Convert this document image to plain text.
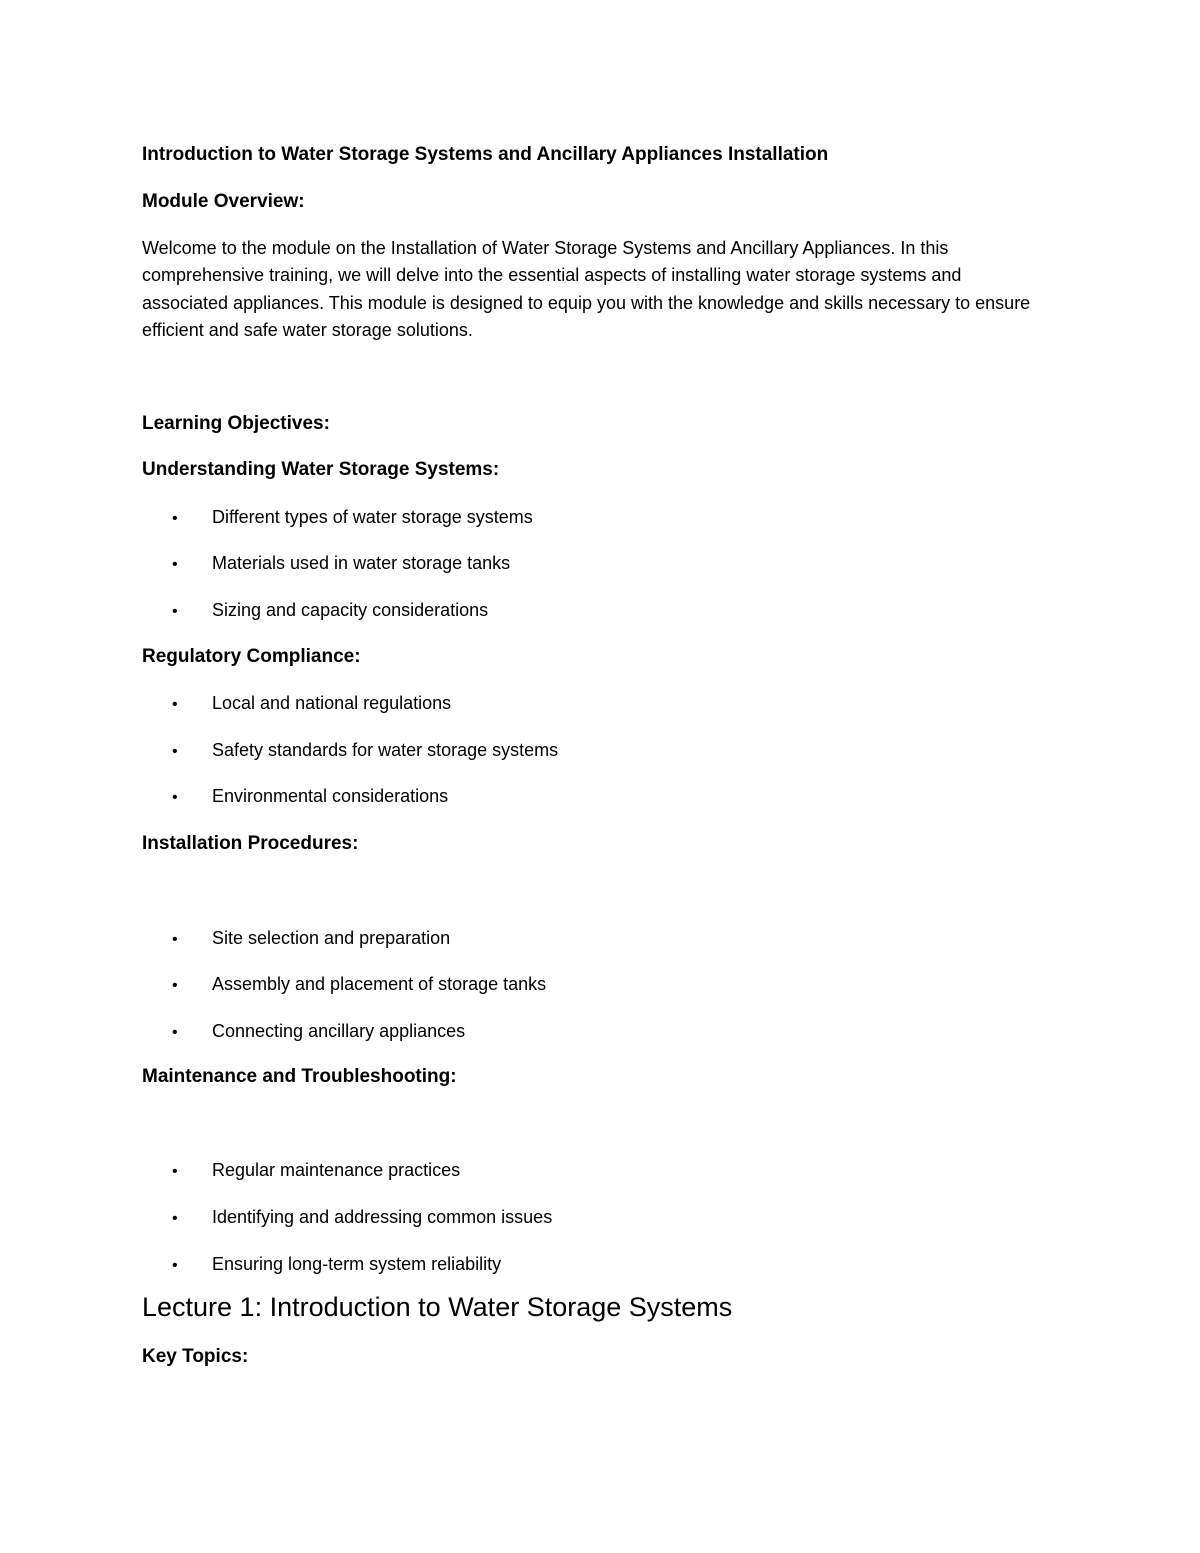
Introduction to Water Storage Systems and Ancillary Appliances Installation
Module Overview:
Welcome to the module on the Installation of Water Storage Systems and Ancillary Appliances. In this comprehensive training, we will delve into the essential aspects of installing water storage systems and associated appliances. This module is designed to equip you with the knowledge and skills necessary to ensure efficient and safe water storage solutions.
Learning Objectives:
Understanding Water Storage Systems:
• Different types of water storage systems
• Materials used in water storage tanks
• Sizing and capacity considerations
Regulatory Compliance:
• Local and national regulations
• Safety standards for water storage systems
• Environmental considerations
Installation Procedures:
• Site selection and preparation
• Assembly and placement of storage tanks
• Connecting ancillary appliances
Maintenance and Troubleshooting:
• Regular maintenance practices
• Identifying and addressing common issues
• Ensuring long-term system reliability
Lecture 1: Introduction to Water Storage Systems
Key Topics:
